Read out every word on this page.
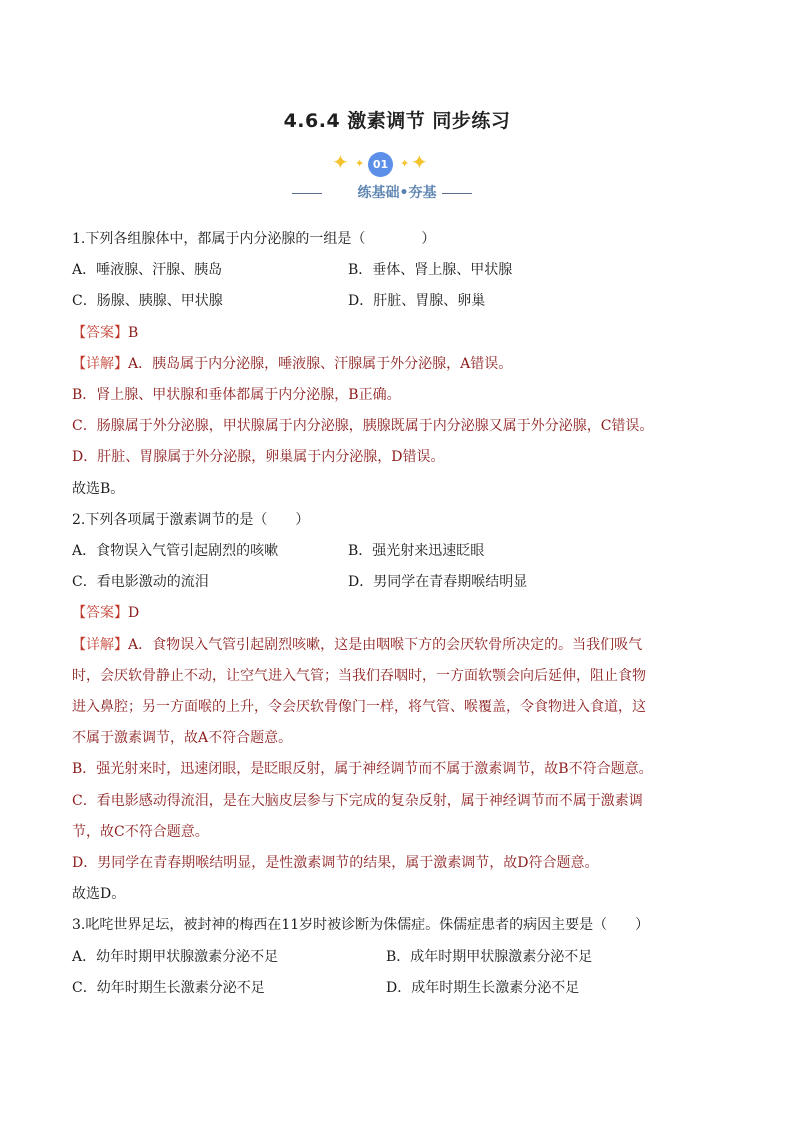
4.6.4 激素调节 同步练习
✦ ✦ 01	✦ ✦
练基础•夯基
1.下列各组腺体中，都属于内分泌腺的一组是（　　　　）
A．唾液腺、汗腺、胰岛	B．垂体、肾上腺、甲状腺
C．肠腺、胰腺、甲状腺	D．肝脏、胃腺、卵巢
【答案】B
【详解】A．胰岛属于内分泌腺，唾液腺、汗腺属于外分泌腺，A错误。
B．肾上腺、甲状腺和垂体都属于内分泌腺，B正确。
C．肠腺属于外分泌腺，甲状腺属于内分泌腺，胰腺既属于内分泌腺又属于外分泌腺，C错误。
D．肝脏、胃腺属于外分泌腺，卵巢属于内分泌腺，D错误。
故选B。
2.下列各项属于激素调节的是（　　）
A．食物误入气管引起剧烈的咳嗽	B．强光射来迅速眨眼
C．看电影激动的流泪	D．男同学在青春期喉结明显
【答案】D
【详解】A．食物误入气管引起剧烈咳嗽，这是由咽喉下方的会厌软骨所决定的。当我们吸气
时，会厌软骨静止不动，让空气进入气管；当我们吞咽时，一方面软颚会向后延伸，阻止食物
进入鼻腔；另一方面喉的上升，令会厌软骨像门一样，将气管、喉覆盖，令食物进入食道，这
不属于激素调节，故A不符合题意。
B．强光射来时，迅速闭眼，是眨眼反射，属于神经调节而不属于激素调节，故B不符合题意。
C．看电影感动得流泪，是在大脑皮层参与下完成的复杂反射，属于神经调节而不属于激素调
节，故C不符合题意。
D．男同学在青春期喉结明显，是性激素调节的结果，属于激素调节，故D符合题意。
故选D。
3.叱咤世界足坛，被封神的梅西在11岁时被诊断为侏儒症。侏儒症患者的病因主要是（　　）
A．幼年时期甲状腺激素分泌不足	B．成年时期甲状腺激素分泌不足
C．幼年时期生长激素分泌不足	D．成年时期生长激素分泌不足
